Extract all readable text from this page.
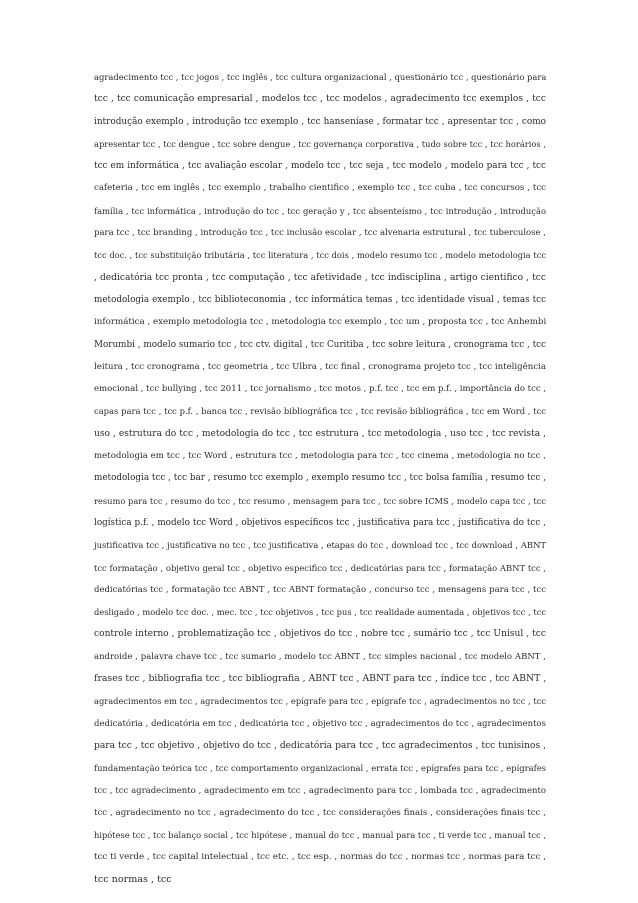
agradecimento tcc , tcc jogos , tcc inglês , tcc cultura organizacional , questionário tcc , questionário para
tcc , tcc comunicação empresarial , modelos tcc , tcc modelos , agradecimento tcc exemplos , tcc
introdução exemplo , introdução tcc exemplo , tcc hanseníase , formatar tcc , apresentar tcc , como
apresentar tcc , tcc dengue , tcc sobre dengue , tcc governança corporativa , tudo sobre tcc , tcc horários ,
tcc em informática , tcc avaliação escolar , modelo tcc , tcc seja , tcc modelo , modelo para tcc , tcc
cafeteria , tcc em inglês , tcc exemplo , trabalho cientifico , exemplo tcc , tcc cuba , tcc concursos , tcc
família , tcc informática , introdução do tcc , tcc geração y , tcc absenteísmo , tcc introdução , introdução
para tcc , tcc branding , introdução tcc , tcc inclusão escolar , tcc alvenaria estrutural , tcc tuberculose ,
tcc doc. , tcc substituição tributária , tcc literatura , tcc dois , modelo resumo tcc , modelo metodologia tcc
, dedicatória tcc pronta , tcc computação , tcc afetividade , tcc indisciplina , artigo cientifico , tcc
metodologia exemplo , tcc biblioteconomia , tcc informática temas , tcc identidade visual , temas tcc
informática , exemplo metodologia tcc , metodologia tcc exemplo , tcc um , proposta tcc , tcc Anhembi
Morumbi , modelo sumario tcc , tcc ctv. digital , tcc Curitiba , tcc sobre leitura , cronograma tcc , tcc
leitura , tcc cronograma , tcc geometria , tcc Ulbra , tcc final , cronograma projeto tcc , tcc inteligência
emocional , tcc bullying , tcc 2011 , tcc jornalismo , tcc motos , p.f. tcc , tcc em p.f. , importância do tcc ,
capas para tcc , tcc p.f. , banca tcc , revisão bibliográfica tcc , tcc revisão bibliográfica , tcc em Word , tcc
uso , estrutura do tcc , metodologia do tcc , tcc estrutura , tcc metodologia , uso tcc , tcc revista ,
metodologia em tcc , tcc Word , estrutura tcc , metodologia para tcc , tcc cinema , metodologia no tcc ,
metodologia tcc , tcc bar , resumo tcc exemplo , exemplo resumo tcc , tcc bolsa família , resumo tcc ,
resumo para tcc , resumo do tcc , tcc resumo , mensagem para tcc , tcc sobre ICMS , modelo capa tcc , tcc
logística p.f. , modelo tcc Word , objetivos específicos tcc , justificativa para tcc , justificativa do tcc ,
justificativa tcc , justificativa no tcc , tcc justificativa , etapas do tcc , download tcc , tcc download , ABNT
tcc formatação , objetivo geral tcc , objetivo especifico tcc , dedicatórias para tcc , formatação ABNT tcc ,
dedicatórias tcc , formatação tcc ABNT , tcc ABNT formatação , concurso tcc , mensagens para tcc , tcc
desligado , modelo tcc doc. , mec. tcc , tcc objetivos , tcc pus , tcc realidade aumentada , objetivos tcc , tcc
controle interno , problematização tcc , objetivos do tcc , nobre tcc , sumário tcc , tcc Unisul , tcc
androide , palavra chave tcc , tcc sumario , modelo tcc ABNT , tcc simples nacional , tcc modelo ABNT ,
frases tcc , bibliografia tcc , tcc bibliografia , ABNT tcc , ABNT para tcc , índice tcc , tcc ABNT ,
agradecimentos em tcc , agradecimentos tcc , epígrafe para tcc , epígrafe tcc , agradecimentos no tcc , tcc
dedicatória , dedicatória em tcc , dedicatória tcc , objetivo tcc , agradecimentos do tcc , agradecimentos
para tcc , tcc objetivo , objetivo do tcc , dedicatória para tcc , tcc agradecimentos , tcc tunisinos ,
fundamentação teórica tcc , tcc comportamento organizacional , errata tcc , epígrafes para tcc , epígrafes
tcc , tcc agradecimento , agradecimento em tcc , agradecimento para tcc , lombada tcc , agradecimento
tcc , agradecimento no tcc , agradecimento do tcc , tcc considerações finais , considerações finais tcc ,
hipótese tcc , tcc balanço social , tcc hipótese , manual do tcc , manual para tcc , ti verde tcc , manual tcc ,
tcc ti verde , tcc capital intelectual , tcc etc. , tcc esp. , normas do tcc , normas tcc , normas para tcc ,
tcc normas , tcc
